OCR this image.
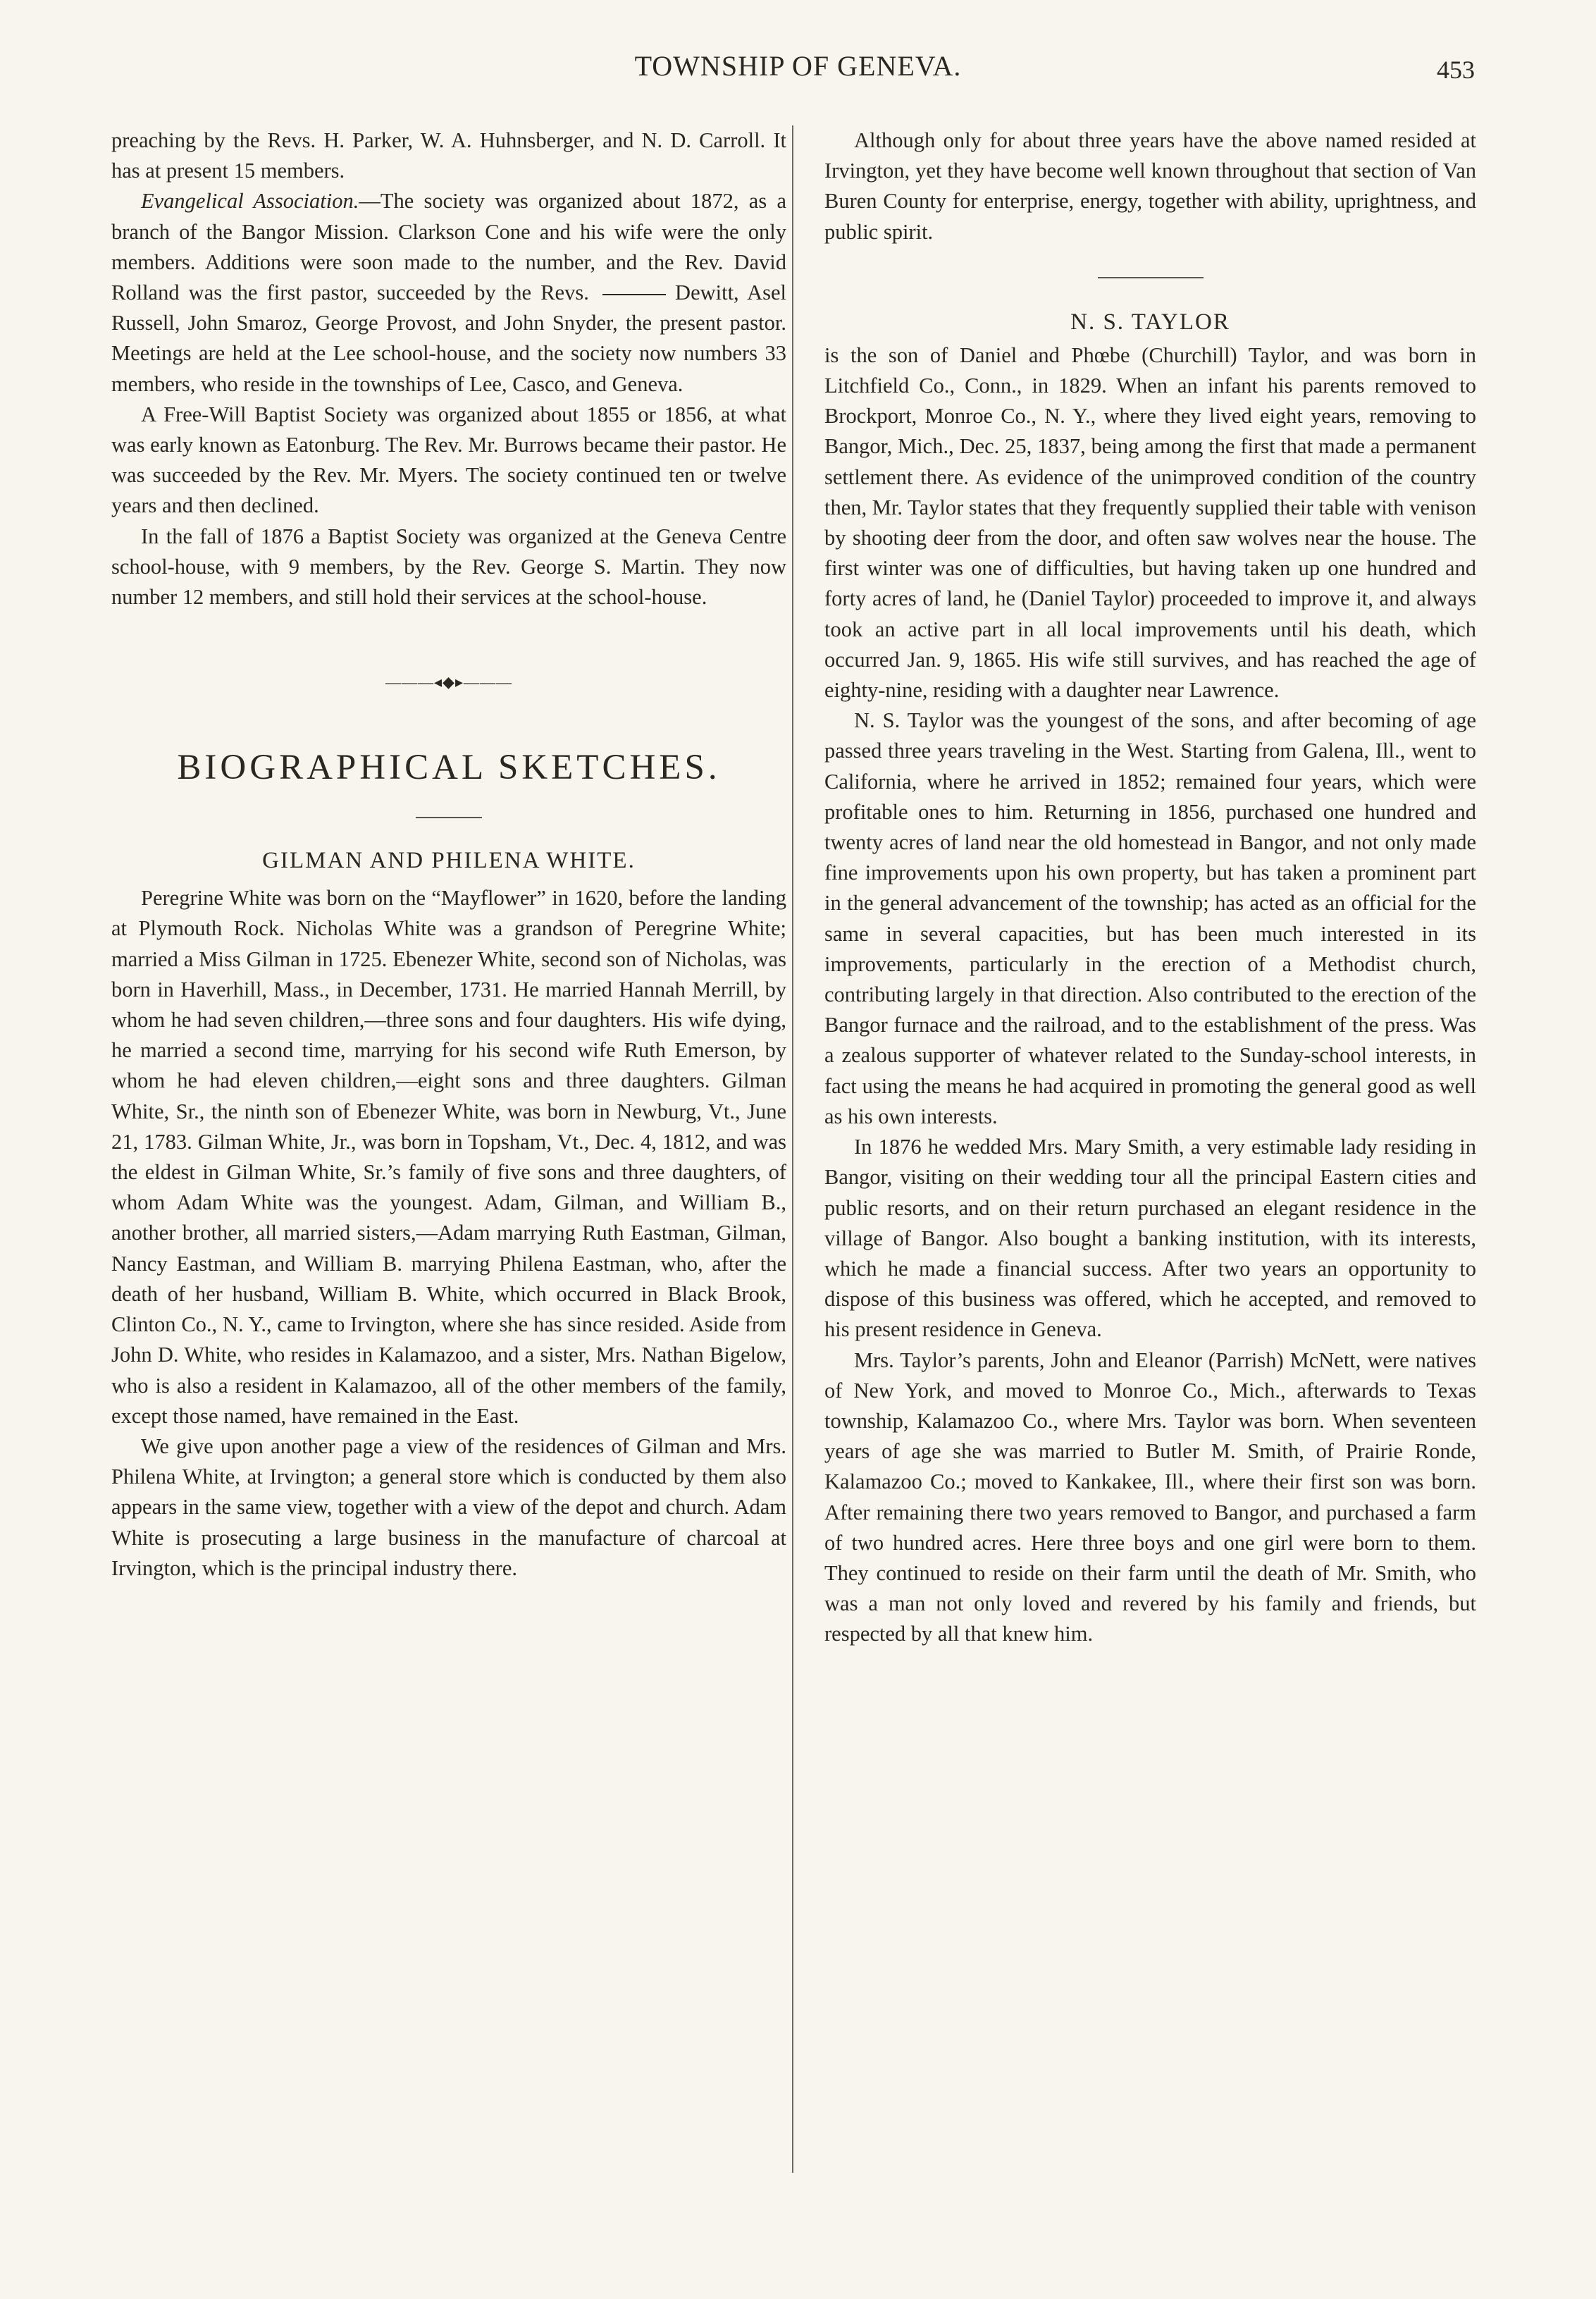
TOWNSHIP OF GENEVA.	453

preaching by the Revs. H. Parker, W. A. Huhnsberger, and N. D. Carroll. It has at present 15 members.

Evangelical Association.—The society was organized about 1872, as a branch of the Bangor Mission. Clarkson Cone and his wife were the only members. Additions were soon made to the number, and the Rev. David Rolland was the first pastor, succeeded by the Revs.	Dewitt, Asel Russell, John Smaroz, George Provost, and John Snyder, the present pastor. Meetings are held at the Lee school-house, and the society now numbers 33 members, who reside in the townships of Lee, Casco, and Geneva.

A Free-Will Baptist Society was organized about 1855 or 1856, at what was early known as Eatonburg. The Rev. Mr. Burrows became their pastor. He was succeeded by the Rev. Mr. Myers. The society continued ten or twelve years and then declined.

In the fall of 1876 a Baptist Society was organized at the Geneva Centre school-house, with 9 members, by the Rev. George S. Martin. They now number 12 members, and still hold their services at the school-house.

———◂◆▸———
BIOGRAPHICAL SKETCHES.
GILMAN AND PHILENA WHITE.

Peregrine White was born on the “Mayflower” in 1620, before the landing at Plymouth Rock. Nicholas White was a grandson of Peregrine White; married a Miss Gilman in 1725. Ebenezer White, second son of Nicholas, was born in Haverhill, Mass., in December, 1731. He married Hannah Merrill, by whom he had seven children,—three sons and four daughters. His wife dying, he married a second time, marrying for his second wife Ruth Emerson, by whom he had eleven children,—eight sons and three daughters. Gilman White, Sr., the ninth son of Ebenezer White, was born in Newburg, Vt., June 21, 1783. Gilman White, Jr., was born in Topsham, Vt., Dec. 4, 1812, and was the eldest in Gilman White, Sr.’s family of five sons and three daughters, of whom Adam White was the youngest. Adam, Gilman, and William B., another brother, all married sisters,—Adam marrying Ruth Eastman, Gilman, Nancy Eastman, and William B. marrying Philena Eastman, who, after the death of her husband, William B. White, which occurred in Black Brook, Clinton Co., N. Y., came to Irvington, where she has since resided. Aside from John D. White, who resides in Kalamazoo, and a sister, Mrs. Nathan Bigelow, who is also a resident in Kalamazoo, all of the other members of the family, except those named, have remained in the East.

We give upon another page a view of the residences of Gilman and Mrs. Philena White, at Irvington; a general store which is conducted by them also appears in the same view, together with a view of the depot and church. Adam White is prosecuting a large business in the manufacture of charcoal at Irvington, which is the principal industry there.

Although only for about three years have the above named resided at Irvington, yet they have become well known throughout that section of Van Buren County for enterprise, energy, together with ability, uprightness, and public spirit.

N. S. TAYLOR

is the son of Daniel and Phœbe (Churchill) Taylor, and was born in Litchfield Co., Conn., in 1829. When an infant his parents removed to Brockport, Monroe Co., N. Y., where they lived eight years, removing to Bangor, Mich., Dec. 25, 1837, being among the first that made a permanent settlement there. As evidence of the unimproved condition of the country then, Mr. Taylor states that they frequently supplied their table with venison by shooting deer from the door, and often saw wolves near the house. The first winter was one of difficulties, but having taken up one hundred and forty acres of land, he (Daniel Taylor) proceeded to improve it, and always took an active part in all local improvements until his death, which occurred Jan. 9, 1865. His wife still survives, and has reached the age of eighty-nine, residing with a daughter near Lawrence.

N. S. Taylor was the youngest of the sons, and after becoming of age passed three years traveling in the West. Starting from Galena, Ill., went to California, where he arrived in 1852; remained four years, which were profitable ones to him. Returning in 1856, purchased one hundred and twenty acres of land near the old homestead in Bangor, and not only made fine improvements upon his own property, but has taken a prominent part in the general advancement of the township; has acted as an official for the same in several capacities, but has been much interested in its improvements, particularly in the erection of a Methodist church, contributing largely in that direction. Also contributed to the erection of the Bangor furnace and the railroad, and to the establishment of the press. Was a zealous supporter of whatever related to the Sunday-school interests, in fact using the means he had acquired in promoting the general good as well as his own interests.

In 1876 he wedded Mrs. Mary Smith, a very estimable lady residing in Bangor, visiting on their wedding tour all the principal Eastern cities and public resorts, and on their return purchased an elegant residence in the village of Bangor. Also bought a banking institution, with its interests, which he made a financial success. After two years an opportunity to dispose of this business was offered, which he accepted, and removed to his present residence in Geneva.

Mrs. Taylor’s parents, John and Eleanor (Parrish) McNett, were natives of New York, and moved to Monroe Co., Mich., afterwards to Texas township, Kalamazoo Co., where Mrs. Taylor was born. When seventeen years of age she was married to Butler M. Smith, of Prairie Ronde, Kalamazoo Co.; moved to Kankakee, Ill., where their first son was born. After remaining there two years removed to Bangor, and purchased a farm of two hundred acres. Here three boys and one girl were born to them. They continued to reside on their farm until the death of Mr. Smith, who was a man not only loved and revered by his family and friends, but respected by all that knew him.
